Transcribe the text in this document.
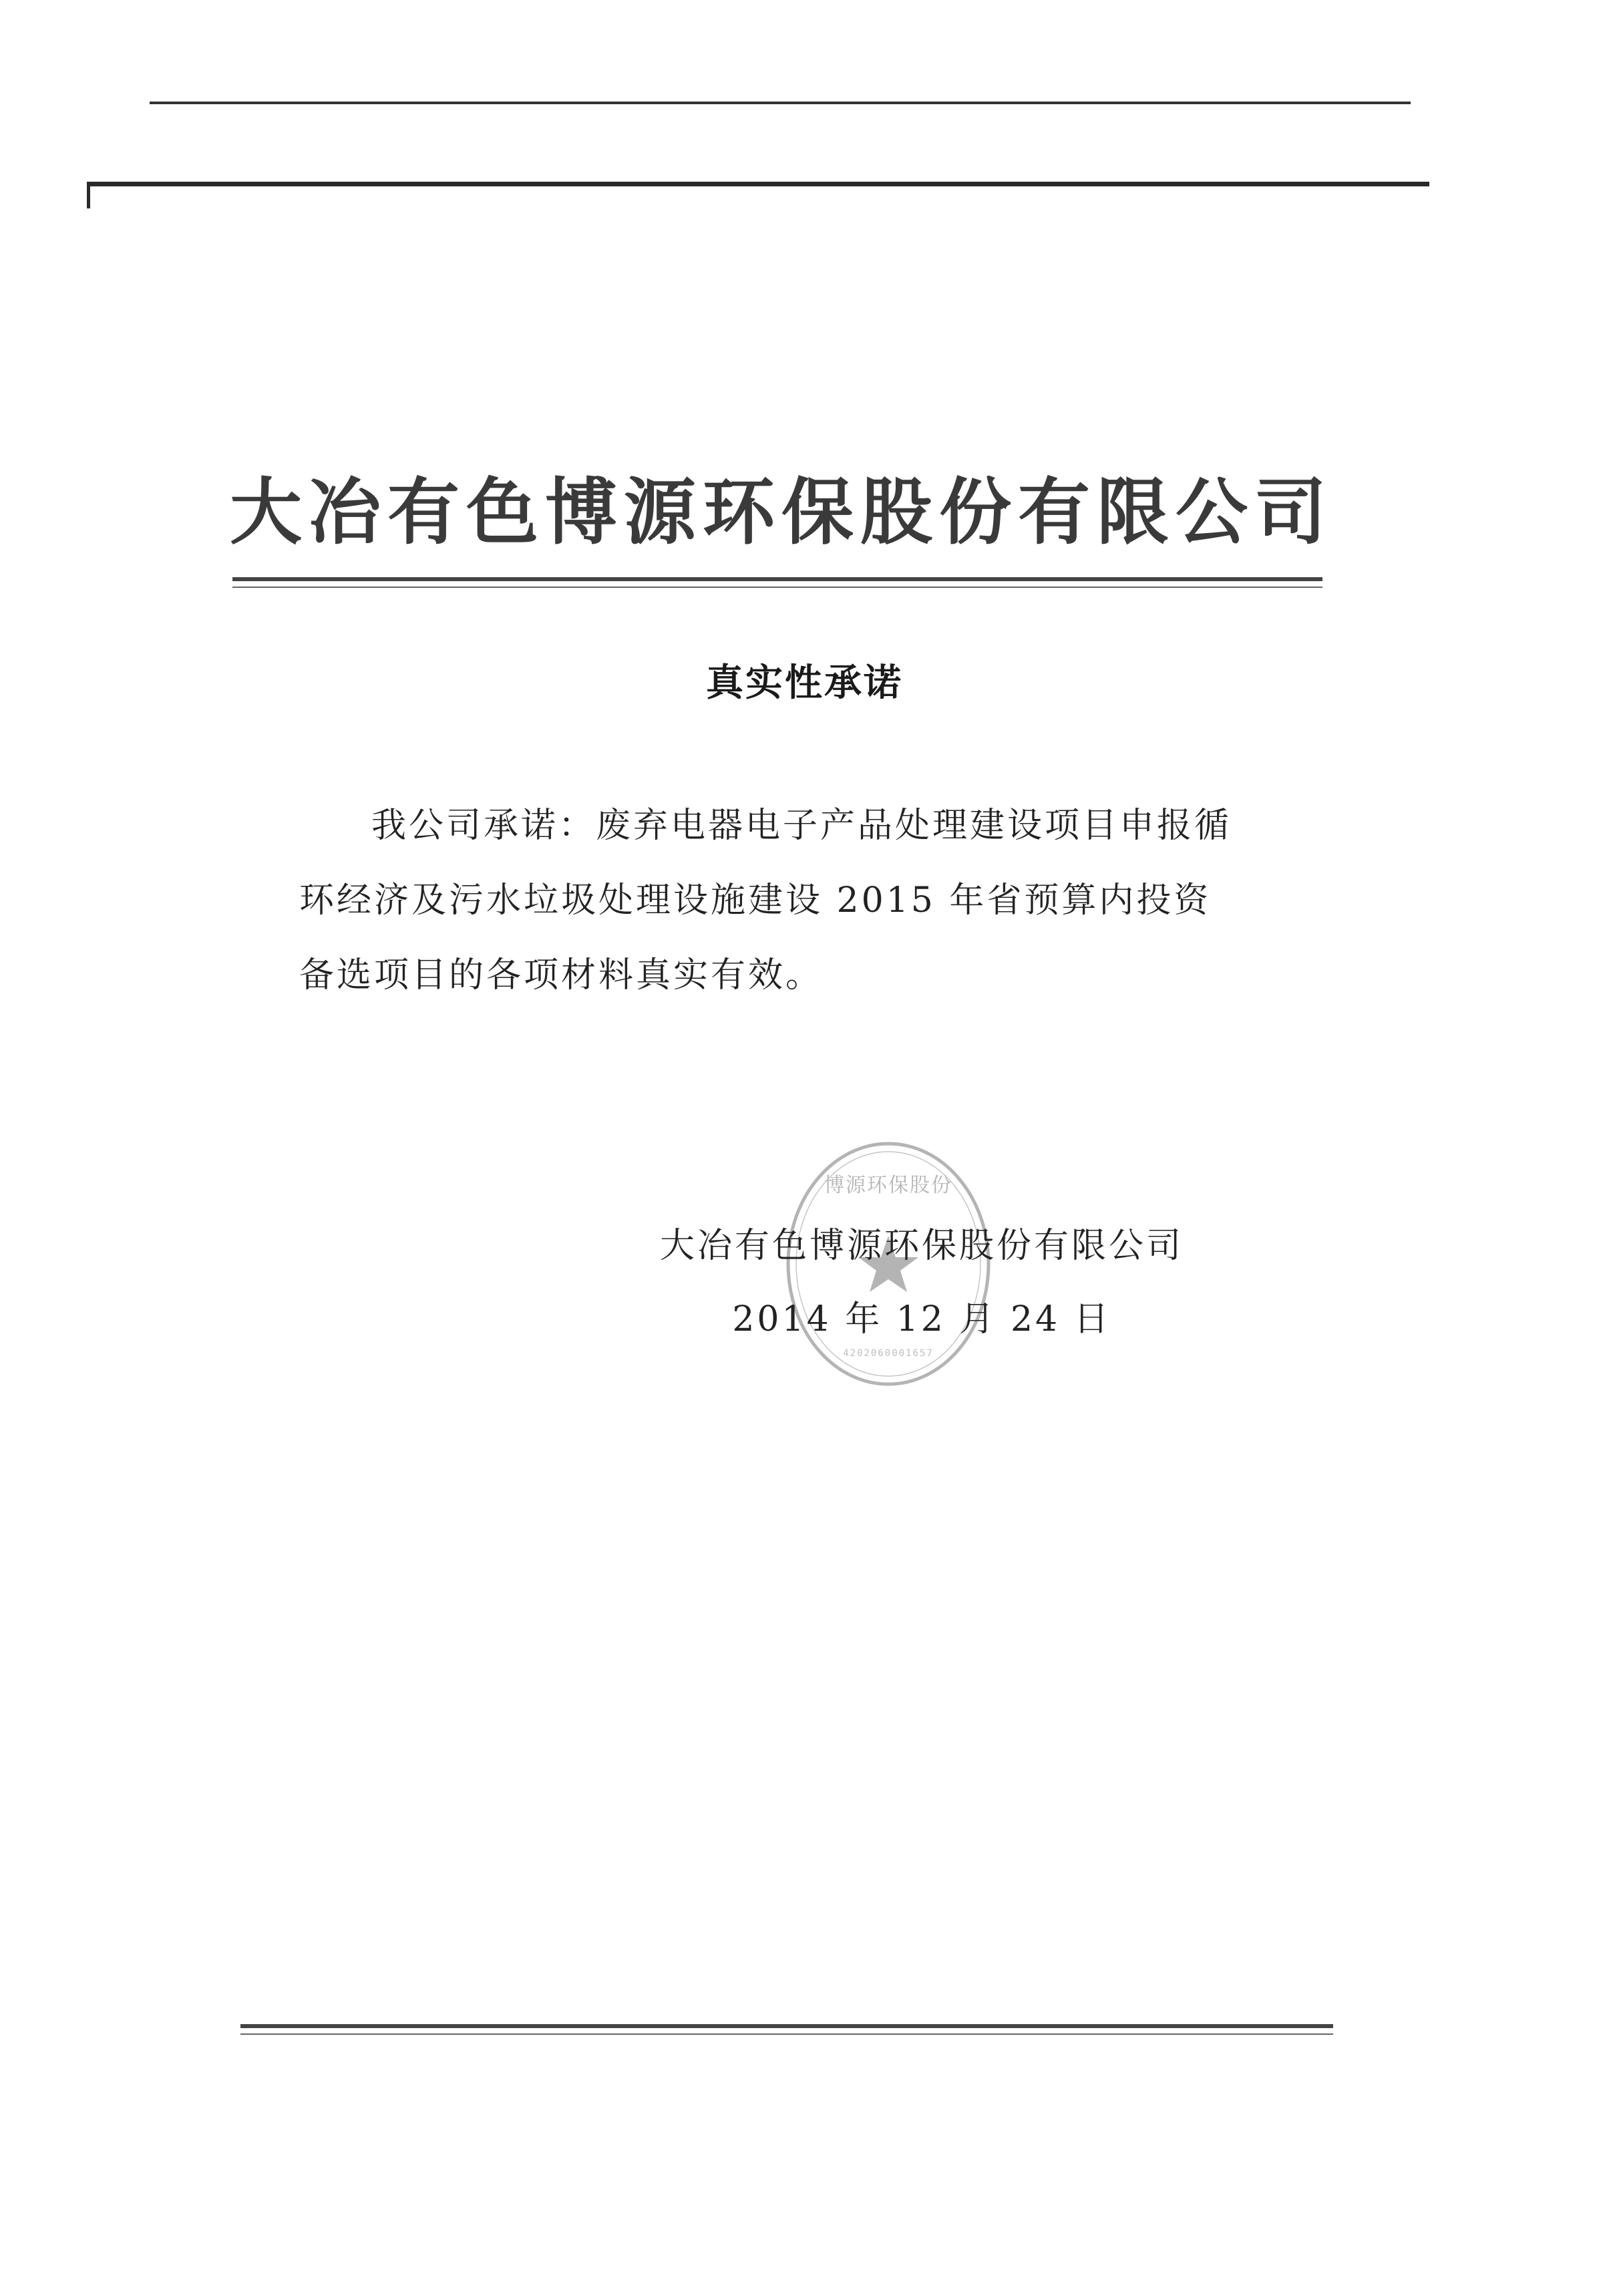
大冶有色博源环保股份有限公司
真实性承诺

我公司承诺：废弃电器电子产品处理建设项目申报循环经济及污水垃圾处理设施建设 2015 年省预算内投资备选项目的各项材料真实有效。

博源环保股份
4202060001657
大冶有色博源环保股份有限公司
2014 年 12 月 24 日
